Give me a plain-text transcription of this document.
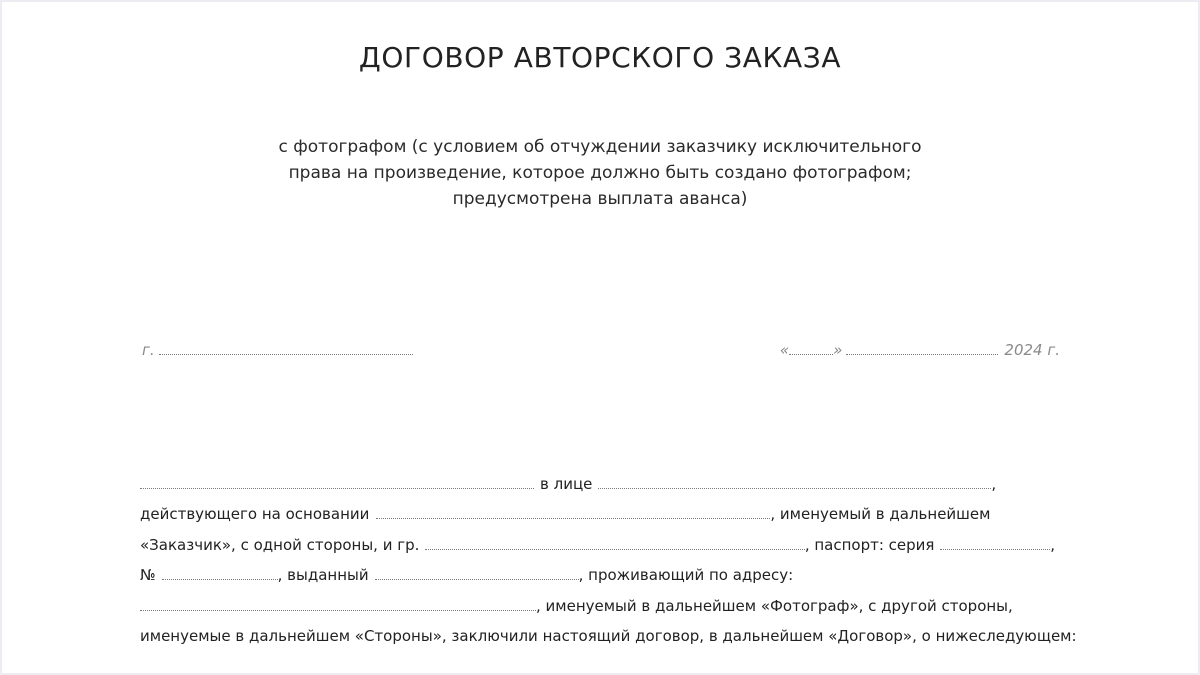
ДОГОВОР АВТОРСКОГО ЗАКАЗА
с фотографом (с условием об отчуждении заказчику исключительного
права на произведение, которое должно быть создано фотографом;
предусмотрена выплата аванса)
г.	«	»	2024 г.
в лице	,
действующего на основании	, именуемый в дальнейшем
«Заказчик», с одной стороны, и гр.	, паспорт: серия	,
№	, выданный	, проживающий по адресу:
, именуемый в дальнейшем «Фотограф», с другой стороны,
именуемые в дальнейшем «Стороны», заключили настоящий договор, в дальнейшем «Договор», о нижеследующем:
